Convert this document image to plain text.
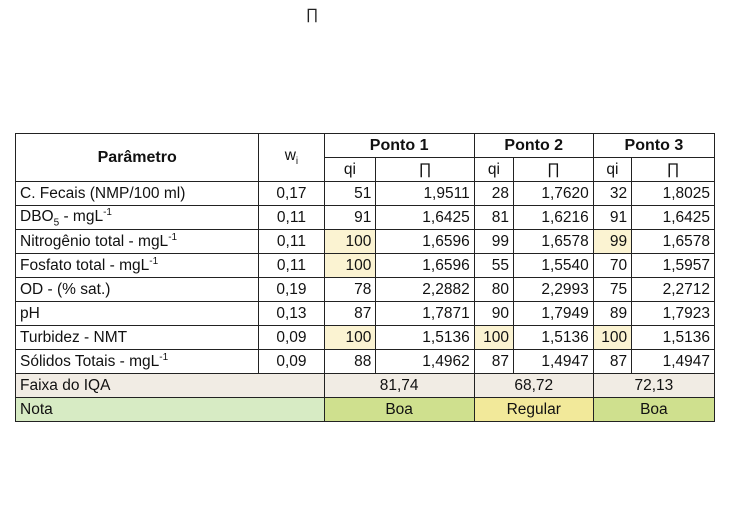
∏
Parâmetro	$w_i$	Ponto 1		Ponto 2		Ponto 3	
		qi	∏	qi	∏	qi	∏
C. Fecais (NMP/100 ml)	0,17	51	1,9511	28	1,7620	32	1,8025
$DBO_5 - mgL^{-1}$	0,11	91	1,6425	81	1,6216	91	1,6425
Nitrogênio total - mgL$^{-1}$	0,11	100	1,6596	99	1,6578	99	1,6578
Fosfato total - mgL$^{-1}$	0,11	100	1,6596	55	1,5540	70	1,5957
OD - (% sat.)	0,19	78	2,2882	80	2,2993	75	2,2712
pH	0,13	87	1,7871	90	1,7949	89	1,7923
Turbidez - NMT	0,09	100	1,5136	100	1,5136	100	1,5136
Sólidos Totais - mgL$^{-1}$	0,09	88	1,4962	87	1,4947	87	1,4947
Faixa do IQA		81,74		68,72		72,13	
Nota		Boa		Regular		Boa	
